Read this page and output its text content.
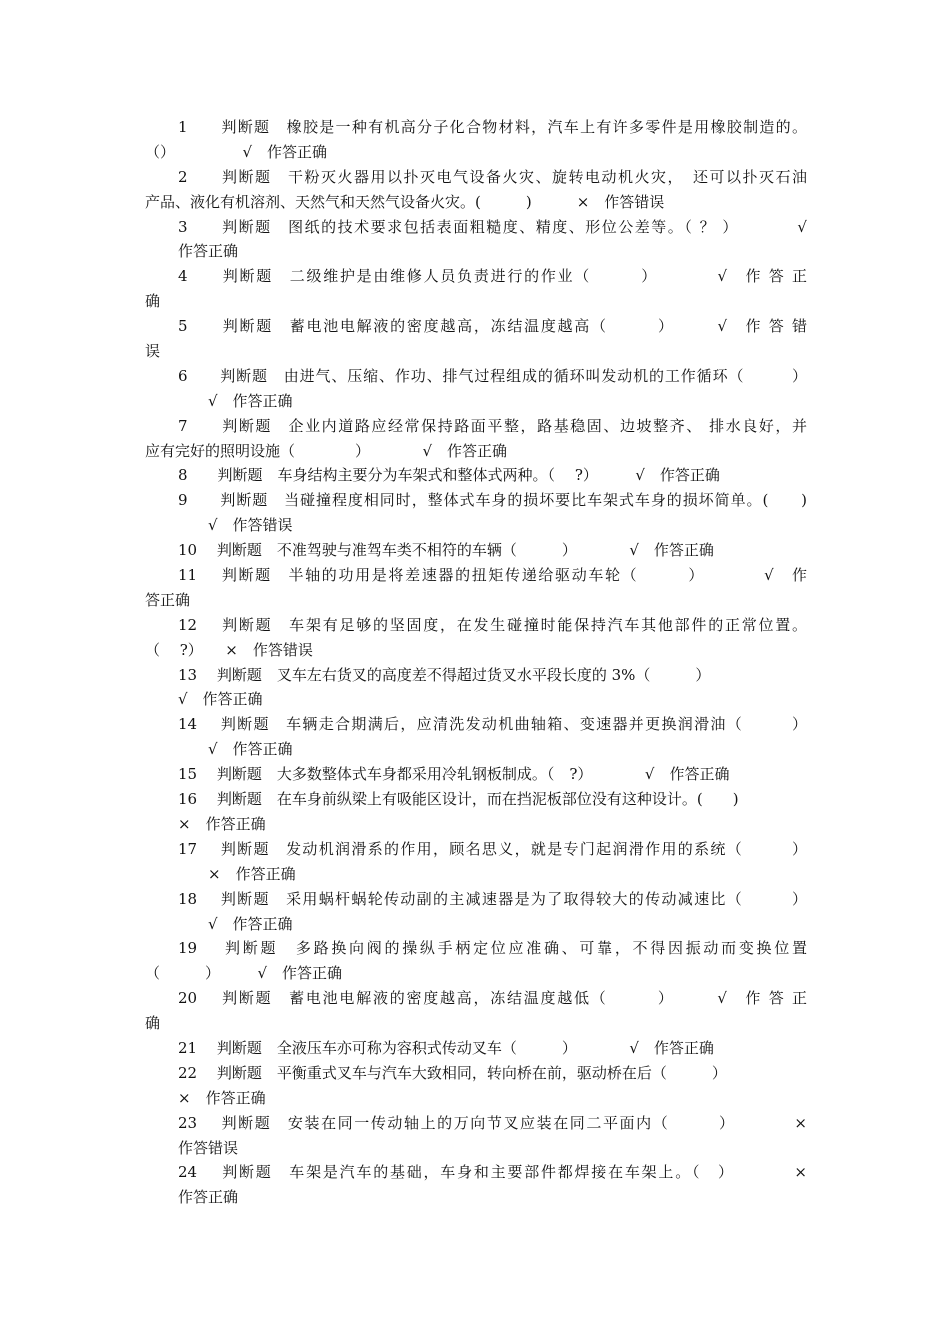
1　　判断题　橡胶是一种有机高分子化合物材料，汽车上有许多零件是用橡胶制造的。
（）　　　　　√　作答正确
2　　判断题　干粉灭火器用以扑灭电气设备火灾、旋转电动机火灾，　还可以扑灭石油
产品、液化有机溶剂、天然气和天然气设备火灾。(　　　)　　　×　作答错误
3　　判断题　图纸的技术要求包括表面粗糙度、精度、形位公差等。（ ？ ）　　　　√
作答正确
4　　判断题　二级维护是由维修人员负责进行的作业（　　　）　　　　√　作 答 正
确
5　　判断题　蓄电池电解液的密度越高，冻结温度越高（　　　）　　　√　作 答 错
误
6　　判断题　由进气、压缩、作功、排气过程组成的循环叫发动机的工作循环（　　　）
　　√　作答正确
7　　判断题　企业内道路应经常保持路面平整，路基稳固、边坡整齐、 排水良好，并
应有完好的照明设施（　　　　）　　　　√　作答正确
8　　判断题　车身结构主要分为车架式和整体式两种。（　 ?）　　　√　作答正确
9　　判断题　当碰撞程度相同时，整体式车身的损坏要比车架式车身的损坏简单。(　　)
　　√　作答错误
10　 判断题　不准驾驶与准驾车类不相符的车辆（　　　）　　　　√　作答正确
11　 判断题　半轴的功用是将差速器的扭矩传递给驱动车轮（　　　）　　　　√　作
答正确
12　 判断题　车架有足够的坚固度，在发生碰撞时能保持汽车其他部件的正常位置。
（　 ?）　　×　作答错误
13　 判断题　叉车左右货叉的高度差不得超过货叉水平段长度的 3%（　　　）
√　作答正确
14　 判断题　车辆走合期满后，应清洗发动机曲轴箱、变速器并更换润滑油（　　　）
　　√　作答正确
15　 判断题　大多数整体式车身都采用冷轧钢板制成。（　?）　　　　√　作答正确
16　 判断题　在车身前纵梁上有吸能区设计，而在挡泥板部位没有这种设计。(　　)
×　作答正确
17　 判断题　发动机润滑系的作用，顾名思义，就是专门起润滑作用的系统（　　　）
　　×　作答正确
18　 判断题　采用蜗杆蜗轮传动副的主减速器是为了取得较大的传动减速比（　　　）
　　√　作答正确
19　 判断题　多路换向阀的操纵手柄定位应准确、可靠，不得因振动而变换位置
（　　　）　　　√　作答正确
20　 判断题　蓄电池电解液的密度越高，冻结温度越低（　　　）　　　√　作 答 正
确
21　 判断题　全液压车亦可称为容积式传动叉车（　　　）　　　　√　作答正确
22　 判断题　平衡重式叉车与汽车大致相同，转向桥在前，驱动桥在后（　　　）
×　作答正确
23　 判断题　安装在同一传动轴上的万向节叉应装在同二平面内（　　　）　　　　×
作答错误
24　 判断题　车架是汽车的基础，车身和主要部件都焊接在车架上。（　）　　　　×
作答正确
